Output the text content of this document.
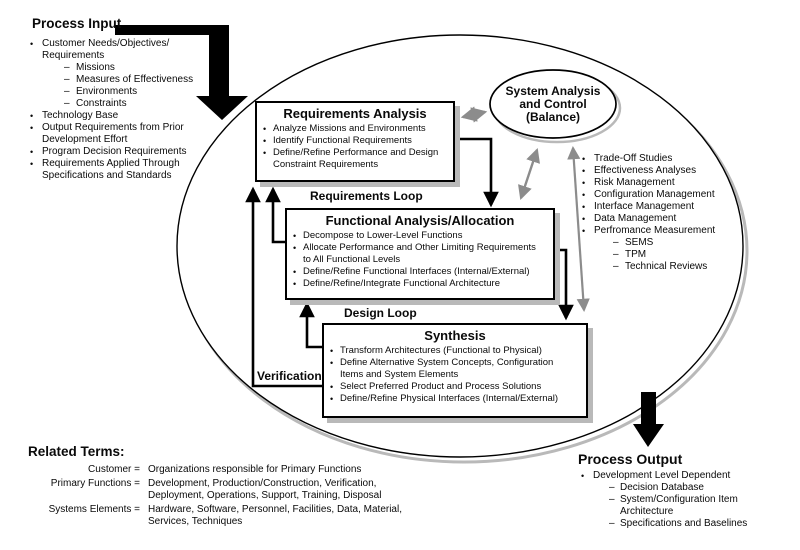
Process Input
• Customer Needs/Objectives/
Requirements
– Missions
– Measures of Effectiveness
– Environments
– Constraints
• Technology Base
• Output Requirements from Prior
Development Effort
• Program Decision Requirements
• Requirements Applied Through
Specifications and Standards
Requirements Analysis
• Analyze Missions and Environments
• Identify Functional Requirements
• Define/Refine Performance and Design
Constraint Requirements
System Analysis
and Control
(Balance)
• Trade-Off Studies
• Effectiveness Analyses
• Risk Management
• Configuration Management
• Interface Management
• Data Management
• Perfromance Measurement
– SEMS
– TPM
– Technical Reviews
Requirements Loop
Design Loop
Verification
Functional Analysis/Allocation
• Decompose to Lower-Level Functions
• Allocate Performance and Other Limiting Requirements
to All Functional Levels
• Define/Refine Functional Interfaces (Internal/External)
• Define/Refine/Integrate Functional Architecture
Synthesis
• Transform Architectures (Functional to Physical)
• Define Alternative System Concepts, Configuration
Items and System Elements
• Select Preferred Product and Process Solutions
• Define/Refine Physical Interfaces (Internal/External)
Process Output
• Development Level Dependent
– Decision Database
– System/Configuration Item
Architecture
– Specifications and Baselines
Related Terms:
Customer = Organizations responsible for Primary Functions
Primary Functions = Development, Production/Construction, Verification,
Deployment, Operations, Support, Training, Disposal
Systems Elements = Hardware, Software, Personnel, Facilities, Data, Material,
Services, Techniques
